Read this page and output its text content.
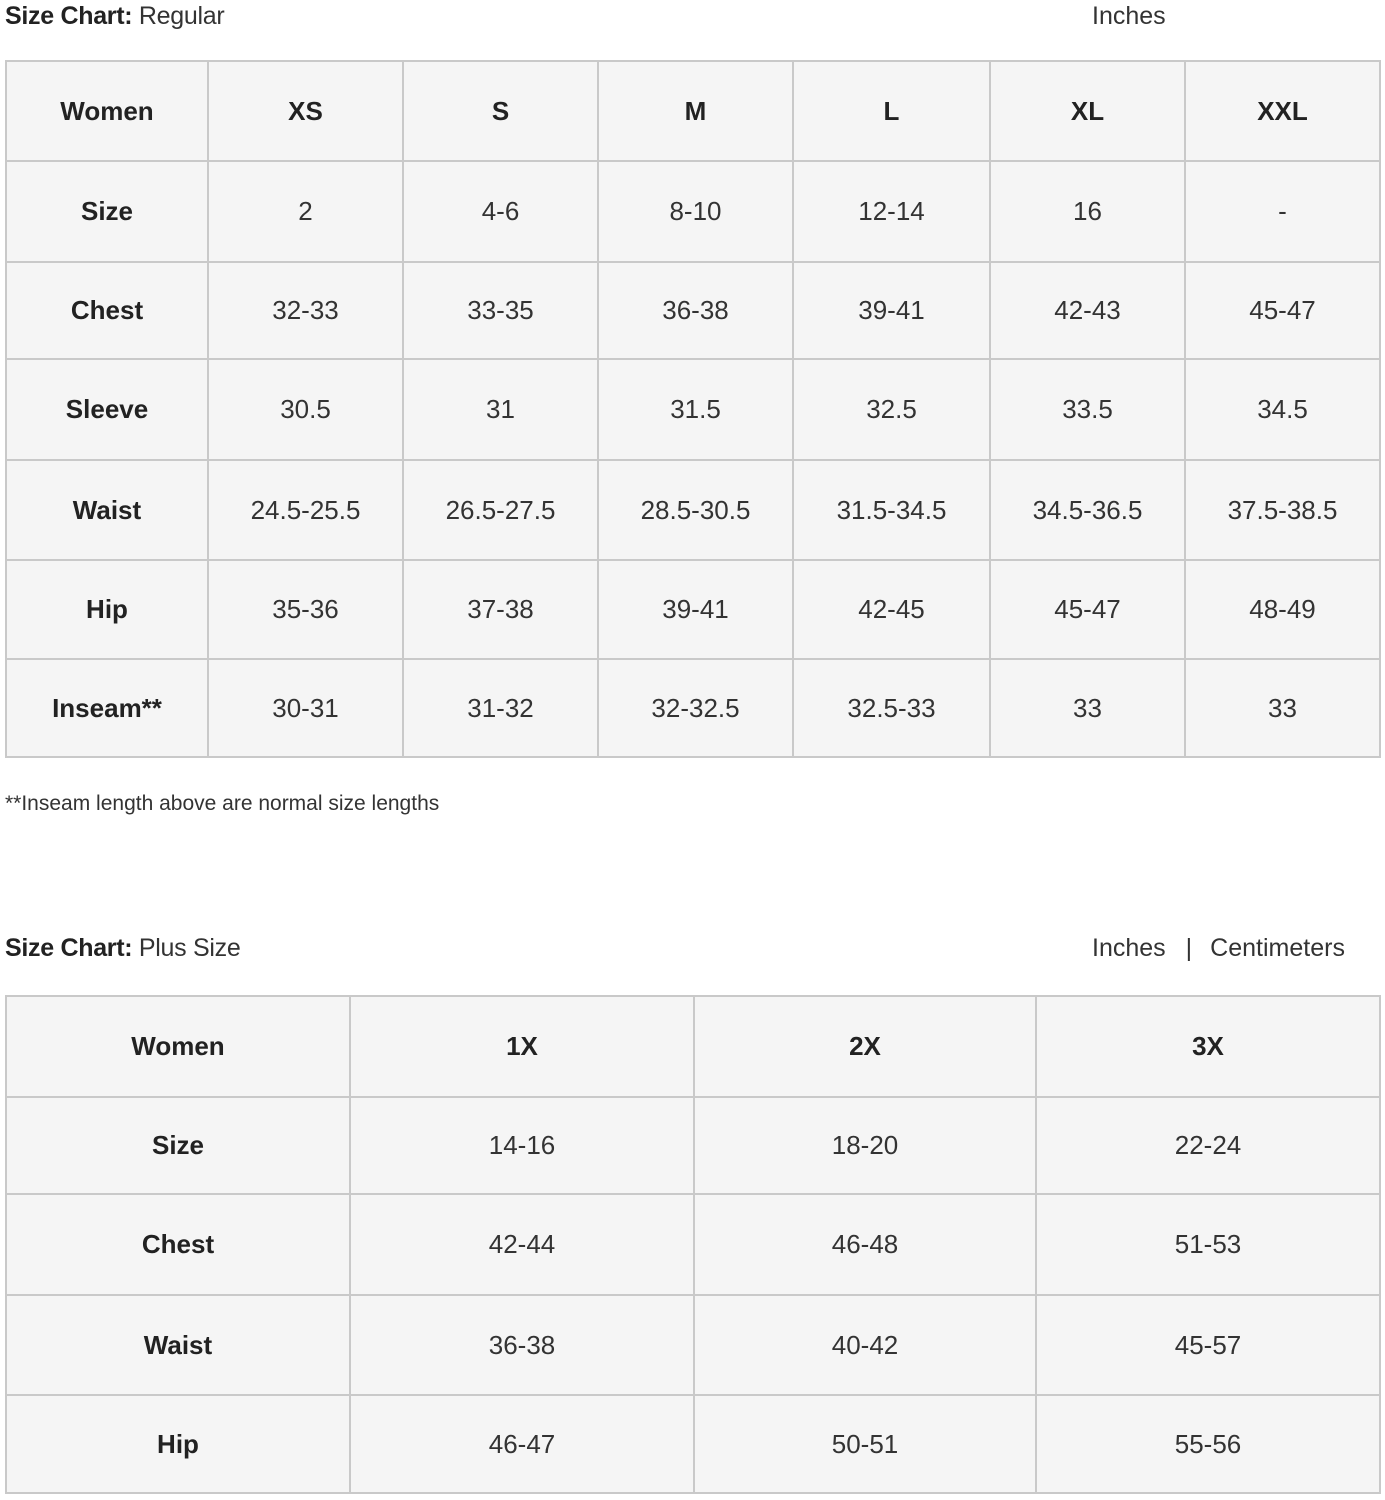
Size Chart: Regular	Inches
Women	XS	S	M	L	XL	XXL
Size	2	4-6	8-10	12-14	16	-
Chest	32-33	33-35	36-38	39-41	42-43	45-47
Sleeve	30.5	31	31.5	32.5	33.5	34.5
Waist	24.5-25.5	26.5-27.5	28.5-30.5	31.5-34.5	34.5-36.5	37.5-38.5
Hip	35-36	37-38	39-41	42-45	45-47	48-49
Inseam**	30-31	31-32	32-32.5	32.5-33	33	33
**Inseam length above are normal size lengths
Size Chart: Plus Size	Inches | Centimeters
Women	1X	2X	3X
Size	14-16	18-20	22-24
Chest	42-44	46-48	51-53
Waist	36-38	40-42	45-57
Hip	46-47	50-51	55-56
